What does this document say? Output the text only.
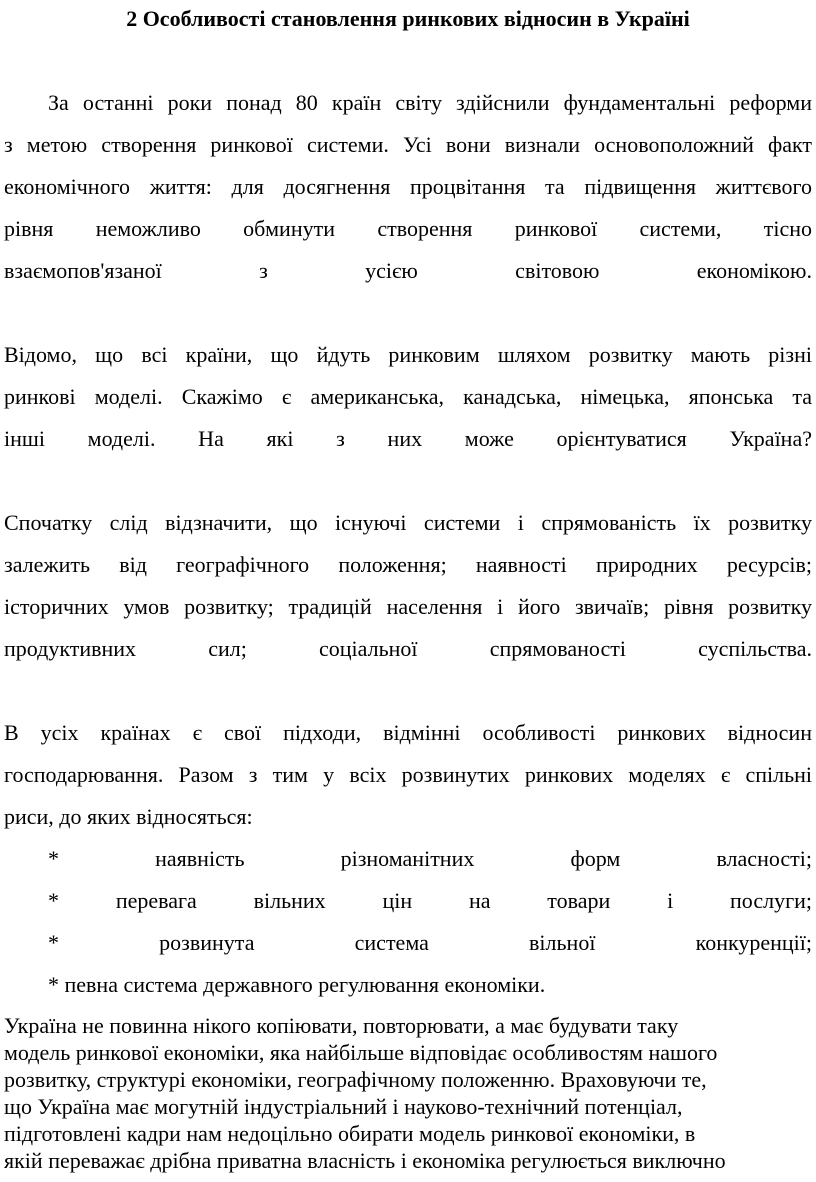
2 Особливості становлення ринкових відносин в Україні

За останні роки понад 80 країн світу здійснили фундаментальні реформи
з метою створення ринкової системи. Усі вони визнали основоположний факт
економічного життя: для досягнення процвітання та підвищення життєвого
рівня неможливо обминути створення ринкової системи, тісно
взаємопов'язаної з усією світовою економікою.

Відомо, що всі країни, що йдуть ринковим шляхом розвитку мають різні
ринкові моделі. Скажімо є американська, канадська, німецька, японська та
інші моделі. На які з них може орієнтуватися Україна?

Спочатку слід відзначити, що існуючі системи і спрямованість їх розвитку
залежить від географічного положення; наявності природних ресурсів;
історичних умов розвитку; традицій населення і його звичаїв; рівня розвитку
продуктивних сил; соціальної спрямованості суспільства.

В усіх країнах є свої підходи, відмінні особливості ринкових відносин
господарювання. Разом з тим у всіх розвинутих ринкових моделях є спільні
риси, до яких відносяться:

* наявність різноманітних форм власності;
* перевага вільних цін на товари і послуги;
* розвинута система вільної конкуренції;
* певна система державного регулювання економіки.

Україна не повинна нікого копіювати, повторювати, а має будувати таку
модель ринкової економіки, яка найбільше відповідає особливостям нашого
розвитку, структурі економіки, географічному положенню. Враховуючи те,
що Україна має могутній індустріальний і науково-технічний потенціал,
підготовлені кадри нам недоцільно обирати модель ринкової економіки, в
якій переважає дрібна приватна власність і економіка регулюється виключно
